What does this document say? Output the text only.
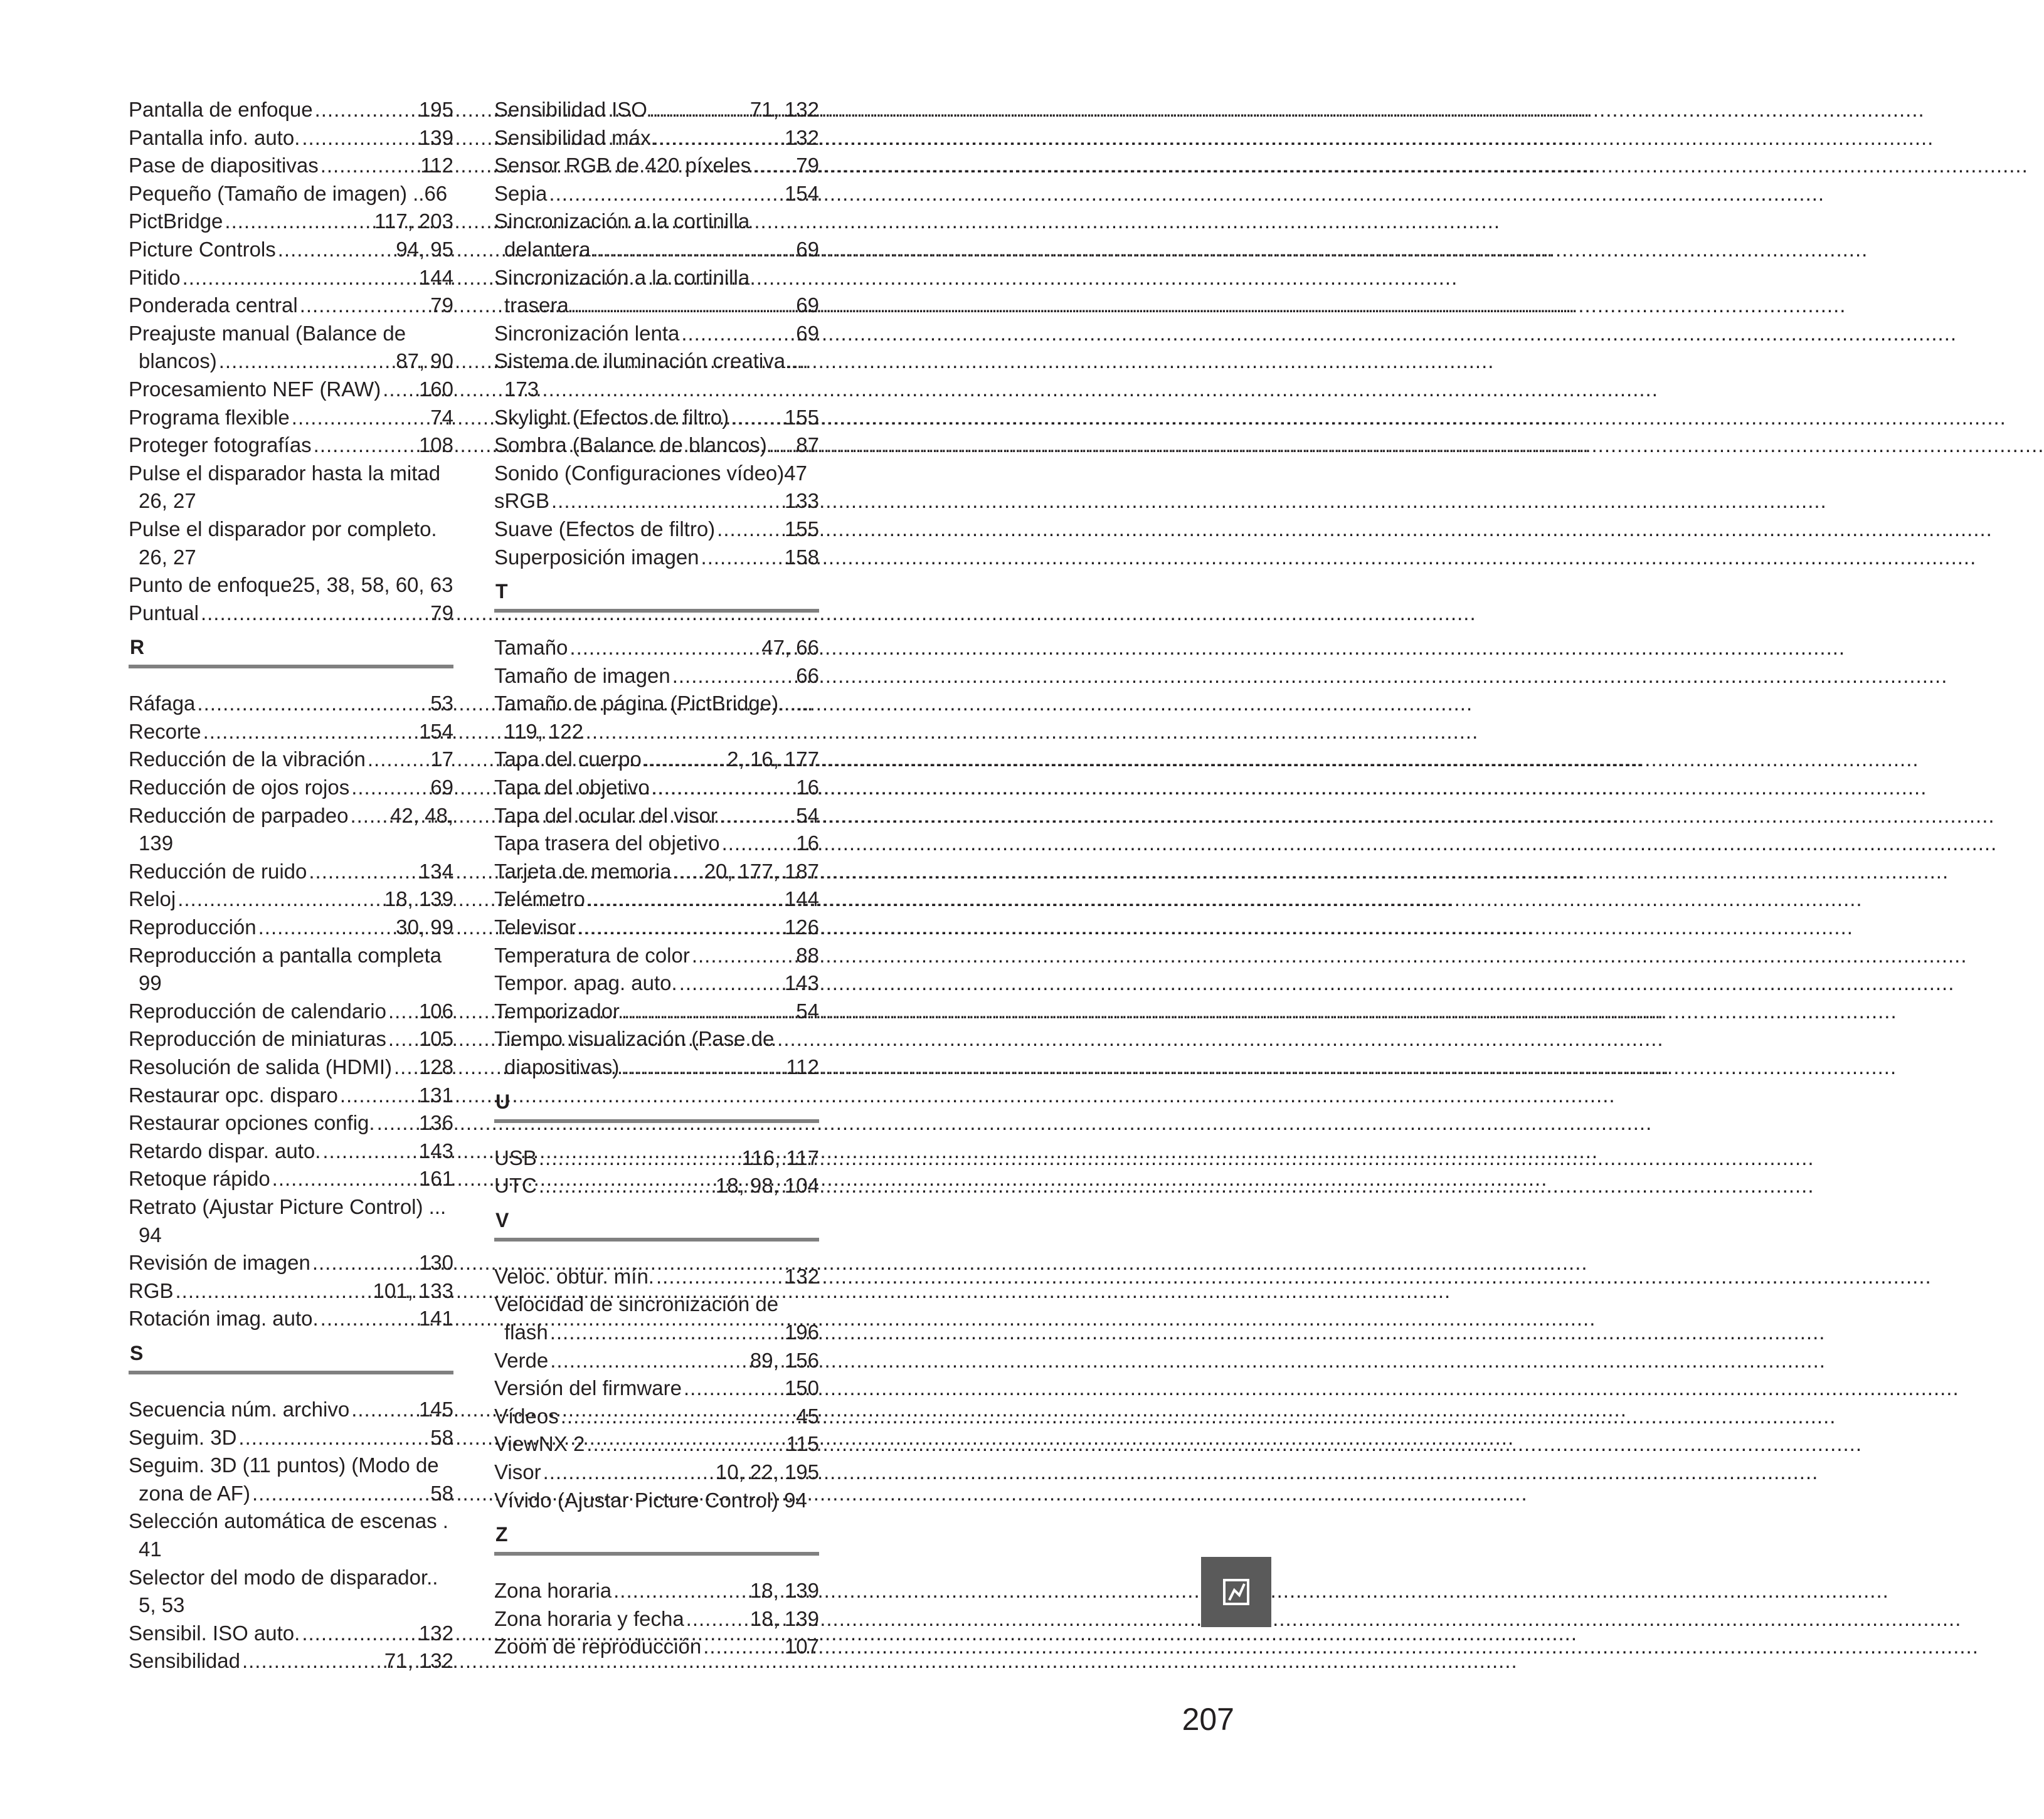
Pantalla de enfoque .....	195
Pantalla info. auto. .....	139
Pase de diapositivas .....	112
Pequeño (Tamaño de imagen) ..66
PictBridge .....	117, 203
Picture Controls .....	94, 95
Pitido .....	144
Ponderada central .....	79
Preajuste manual (Balance de
blancos) .....	87, 90
Procesamiento NEF (RAW) ..... 160
Programa flexible .....	74
Proteger fotografías .....	108
Pulse el disparador hasta la mitad
26, 27
Pulse el disparador por completo.
26, 27
Punto de enfoque25, 38, 58, 60, 63
Puntual .....	79
R
Ráfaga .....	53
Recorte .....	154
Reducción de la vibración .....	17
Reducción de ojos rojos .....	69
Reducción de parpadeo ..... 42, 48,
139
Reducción de ruido .....	134
Reloj .....	18, 139
Reproducción .....	30, 99
Reproducción a pantalla completa
99
Reproducción de calendario ..... 106
Reproducción de miniaturas ..... 105
Resolución de salida (HDMI) ..... 128
Restaurar opc. disparo .....	131
Restaurar opciones config. ..... 136
Retardo dispar. auto. .....	143
Retoque rápido .....	161
Retrato (Ajustar Picture Control) ...
94
Revisión de imagen .....	130
RGB .....	101, 133
Rotación imag. auto. .....	141
S
Secuencia núm. archivo .....	145
Seguim. 3D .....	58
Seguim. 3D (11 puntos) (Modo de
zona de AF) .....	58
Selección automática de escenas .
41
Selector del modo de disparador..
5, 53
Sensibil. ISO auto. .....	132
Sensibilidad .....	71, 132
Sensibilidad ISO .....	71, 132
Sensibilidad máx. .....	132
Sensor RGB de 420 píxeles ..... 79
Sepia .....	154
Sincronización a la cortinilla
delantera .....	69
Sincronización a la cortinilla
trasera .....	69
Sincronización lenta .....	69
Sistema de iluminación creativa....
173
Skylight (Efectos de filtro) .....	155
Sombra (Balance de blancos) ..... 87
Sonido (Configuraciones vídeo)47
sRGB .....	133
Suave (Efectos de filtro) .....	155
Superposición imagen .....	158
T
Tamaño .....	47, 66
Tamaño de imagen .....	66
Tamaño de página (PictBridge)......
119, 122
Tapa del cuerpo .....	2, 16, 177
Tapa del objetivo .....	16
Tapa del ocular del visor .....	54
Tapa trasera del objetivo .....	16
Tarjeta de memoria ..... 20, 177, 187
Telémetro .....	144
Televisor .....	126
Temperatura de color .....	88
Tempor. apag. auto. .....	143
Temporizador .....	54
Tiempo visualización (Pase de
diapositivas) .....	112
U
USB .....	116, 117
UTC .....	18, 98, 104
V
Veloc. obtur. mín. .....	132
Velocidad de sincronización de
flash .....	196
Verde .....	89, 156
Versión del firmware .....	150
Vídeos .....	45
ViewNX 2 .....	115
Visor .....	10, 22, 195
Vívido (Ajustar Picture Control) 94
Z
Zona horaria .....	18, 139
Zona horaria y fecha .....	18, 139
Zoom de reproducción .....	107
207
